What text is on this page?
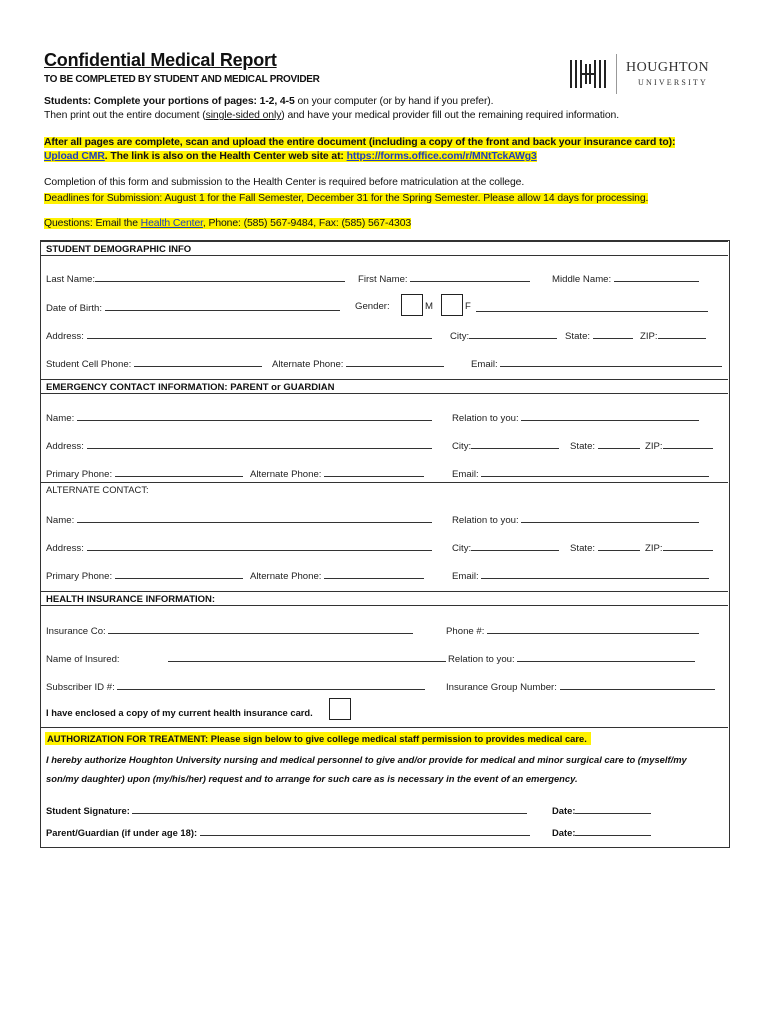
Confidential Medical Report
TO BE COMPLETED BY STUDENT AND MEDICAL PROVIDER
HOUGHTON
UNIVERSITY
Students: Complete your portions of pages: 1-2, 4-5 on your computer (or by hand if you prefer).
Then print out the entire document (single-sided only) and have your medical provider fill out the remaining required information.
After all pages are complete, scan and upload the entire document (including a copy of the front and back your insurance card to):
Upload CMR. The link is also on the Health Center web site at: https://forms.office.com/r/MNtTckAWg3
Completion of this form and submission to the Health Center is required before matriculation at the college.
Deadlines for Submission: August 1 for the Fall Semester, December 31 for the Spring Semester. Please allow 14 days for processing.
Questions: Email the Health Center, Phone: (585) 567-9484, Fax: (585) 567-4303
STUDENT DEMOGRAPHIC INFO
Last Name:	First Name:	Middle Name:
Date of Birth:	Gender:	M	F
Address:	City:	State:	ZIP:
Student Cell Phone:	Alternate Phone:	Email:
EMERGENCY CONTACT INFORMATION: PARENT or GUARDIAN
Name:	Relation to you:
Address:	City:	State:	ZIP:
Primary Phone:	Alternate Phone:	Email:
ALTERNATE CONTACT:
Name:	Relation to you:
Address:	City:	State:	ZIP:
Primary Phone:	Alternate Phone:	Email:
HEALTH INSURANCE INFORMATION:
Insurance Co:	Phone #:
Name of Insured:	Relation to you:
Subscriber ID #:	Insurance Group Number:
I have enclosed a copy of my current health insurance card.
AUTHORIZATION FOR TREATMENT: Please sign below to give college medical staff permission to provides medical care.
I hereby authorize Houghton University nursing and medical personnel to give and/or provide for medical and minor surgical care to (myself/my
son/my daughter) upon (my/his/her) request and to arrange for such care as is necessary in the event of an emergency.
Student Signature:	Date:
Parent/Guardian (if under age 18):	Date:
